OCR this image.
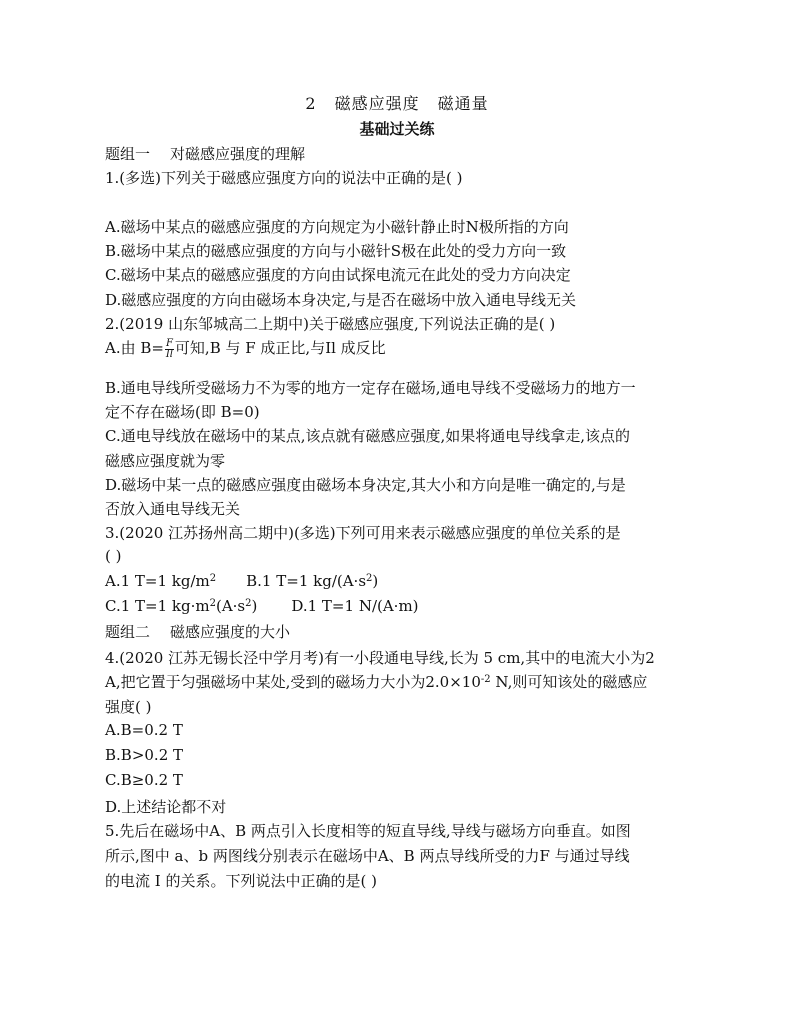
2 磁感应强度 磁通量
基础过关练
题组一 对磁感应强度的理解
1.(多选)下列关于磁感应强度方向的说法中正确的是( )
A.磁场中某点的磁感应强度的方向规定为小磁针静止时N极所指的方向
B.磁场中某点的磁感应强度的方向与小磁针S极在此处的受力方向一致
C.磁场中某点的磁感应强度的方向由试探电流元在此处的受力方向决定
D.磁感应强度的方向由磁场本身决定,与是否在磁场中放入通电导线无关
2.(2019 山东邹城高二上期中)关于磁感应强度,下列说法正确的是( )
A.由 $B= \frac{F}{Il}$ 可知,B 与 F 成正比,与Il 成反比
B.通电导线所受磁场力不为零的地方一定存在磁场,通电导线不受磁场力的地方一
定不存在磁场(即 B=0)
C.通电导线放在磁场中的某点,该点就有磁感应强度,如果将通电导线拿走,该点的
磁感应强度就为零
D.磁场中某一点的磁感应强度由磁场本身决定,其大小和方向是唯一确定的,与是
否放入通电导线无关
3.(2020 江苏扬州高二期中)(多选)下列可用来表示磁感应强度的单位关系的是
( )
A.1 T=1 $kg/m^2$ B.1 T=1 $kg/(A\cdot s^2)$
C.1 T=1 $kg\cdot m^2(A\cdot s^2)$ D.1 T=1 N/(A·m)
题组二 磁感应强度的大小
4.(2020 江苏无锡长泾中学月考)有一小段通电导线,长为 5 cm,其中的电流大小为2
A,把它置于匀强磁场中某处,受到的磁场力大小为$2.0\times 10^{-2}$ N,则可知该处的磁感应
强度( )
A.B=0.2 T
B.B>0.2 T
C.B≥0.2 T
D.上述结论都不对
5.先后在磁场中A、B 两点引入长度相等的短直导线,导线与磁场方向垂直。如图
所示,图中 a、b 两图线分别表示在磁场中A、B 两点导线所受的力F 与通过导线
的电流 I 的关系。下列说法中正确的是( )
